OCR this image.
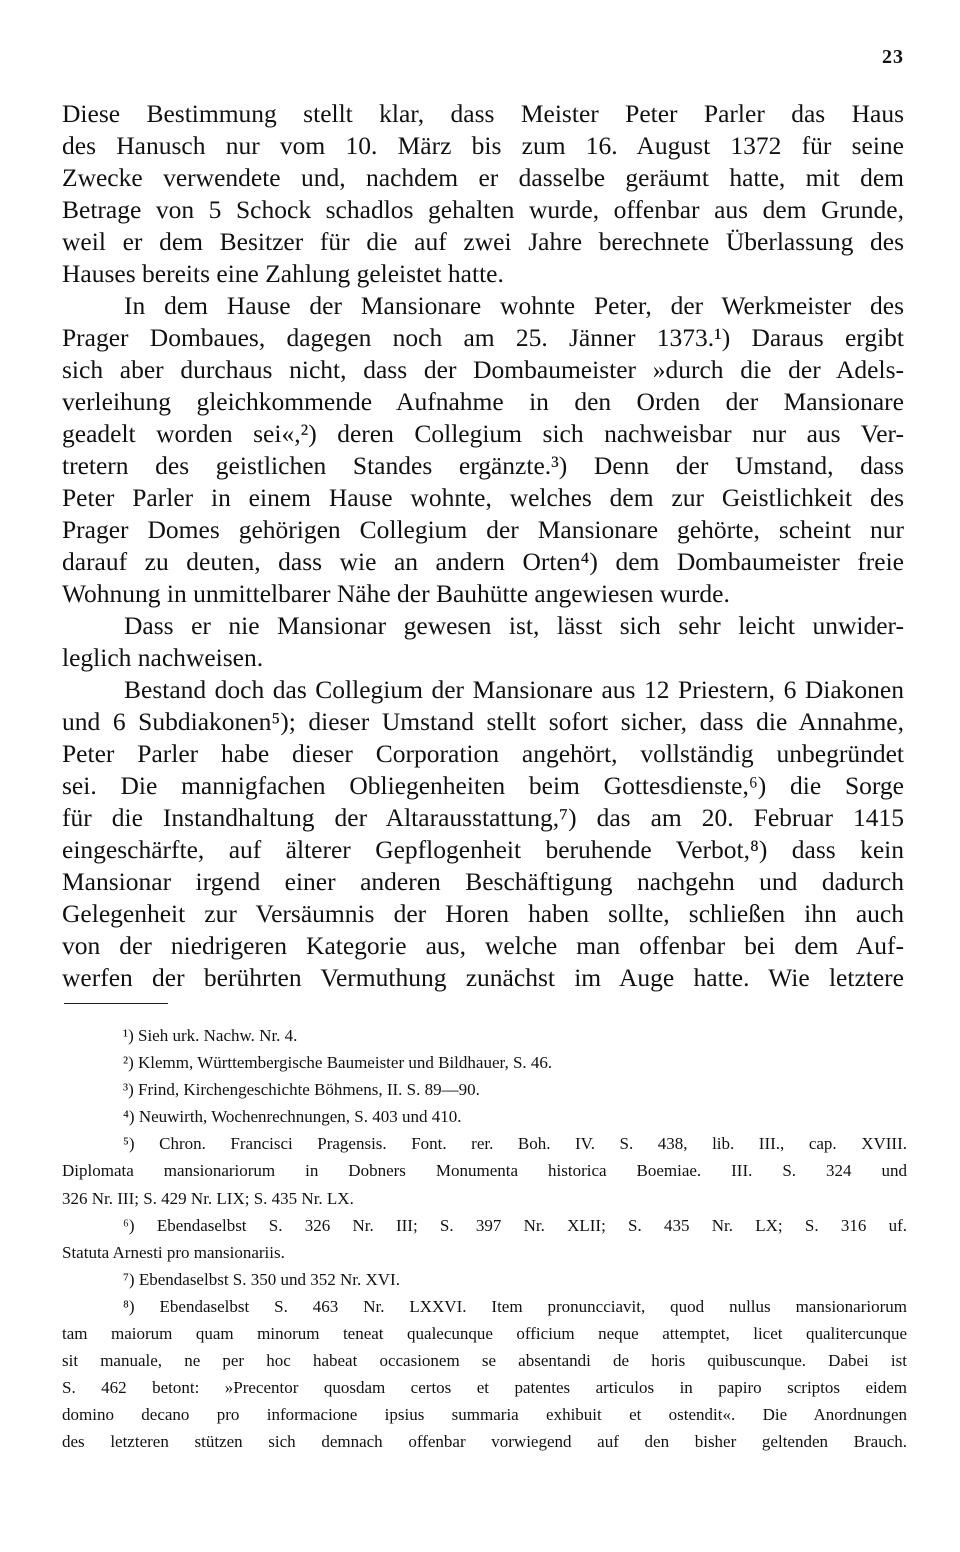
23
Diese Bestimmung stellt klar, dass Meister Peter Parler das Haus
des Hanusch nur vom 10. März bis zum 16. August 1372 für seine
Zwecke verwendete und, nachdem er dasselbe geräumt hatte, mit dem
Betrage von 5 Schock schadlos gehalten wurde, offenbar aus dem Grunde,
weil er dem Besitzer für die auf zwei Jahre berechnete Überlassung des
Hauses bereits eine Zahlung geleistet hatte.
In dem Hause der Mansionare wohnte Peter, der Werkmeister des
Prager Dombaues, dagegen noch am 25. Jänner 1373.¹) Daraus ergibt
sich aber durchaus nicht, dass der Dombaumeister »durch die der Adels-
verleihung gleichkommende Aufnahme in den Orden der Mansionare
geadelt worden sei«,²) deren Collegium sich nachweisbar nur aus Ver-
tretern des geistlichen Standes ergänzte.³) Denn der Umstand, dass
Peter Parler in einem Hause wohnte, welches dem zur Geistlichkeit des
Prager Domes gehörigen Collegium der Mansionare gehörte, scheint nur
darauf zu deuten, dass wie an andern Orten⁴) dem Dombaumeister freie
Wohnung in unmittelbarer Nähe der Bauhütte angewiesen wurde.
Dass er nie Mansionar gewesen ist, lässt sich sehr leicht unwider-
leglich nachweisen.
Bestand doch das Collegium der Mansionare aus 12 Priestern, 6 Diakonen
und 6 Subdiakonen⁵); dieser Umstand stellt sofort sicher, dass die Annahme,
Peter Parler habe dieser Corporation angehört, vollständig unbegründet
sei. Die mannigfachen Obliegenheiten beim Gottesdienste,⁶) die Sorge
für die Instandhaltung der Altarausstattung,⁷) das am 20. Februar 1415
eingeschärfte, auf älterer Gepflogenheit beruhende Verbot,⁸) dass kein
Mansionar irgend einer anderen Beschäftigung nachgehn und dadurch
Gelegenheit zur Versäumnis der Horen haben sollte, schließen ihn auch
von der niedrigeren Kategorie aus, welche man offenbar bei dem Auf-
werfen der berührten Vermuthung zunächst im Auge hatte. Wie letztere
¹) Sieh urk. Nachw. Nr. 4.
²) Klemm, Württembergische Baumeister und Bildhauer, S. 46.
³) Frind, Kirchengeschichte Böhmens, II. S. 89—90.
⁴) Neuwirth, Wochenrechnungen, S. 403 und 410.
⁵) Chron. Francisci Pragensis. Font. rer. Boh. IV. S. 438, lib. III., cap. XVIII.
Diplomata mansionariorum in Dobners Monumenta historica Boemiae. III. S. 324 und
326 Nr. III; S. 429 Nr. LIX; S. 435 Nr. LX.
⁶) Ebendaselbst S. 326 Nr. III; S. 397 Nr. XLII; S. 435 Nr. LX; S. 316 uf.
Statuta Arnesti pro mansionariis.
⁷) Ebendaselbst S. 350 und 352 Nr. XVI.
⁸) Ebendaselbst S. 463 Nr. LXXVI. Item pronuncciavit, quod nullus mansionariorum
tam maiorum quam minorum teneat qualecunque officium neque attemptet, licet qualitercunque
sit manuale, ne per hoc habeat occasionem se absentandi de horis quibuscunque. Dabei ist
S. 462 betont: »Precentor quosdam certos et patentes articulos in papiro scriptos eidem
domino decano pro informacione ipsius summaria exhibuit et ostendit«. Die Anordnungen
des letzteren stützen sich demnach offenbar vorwiegend auf den bisher geltenden Brauch.
